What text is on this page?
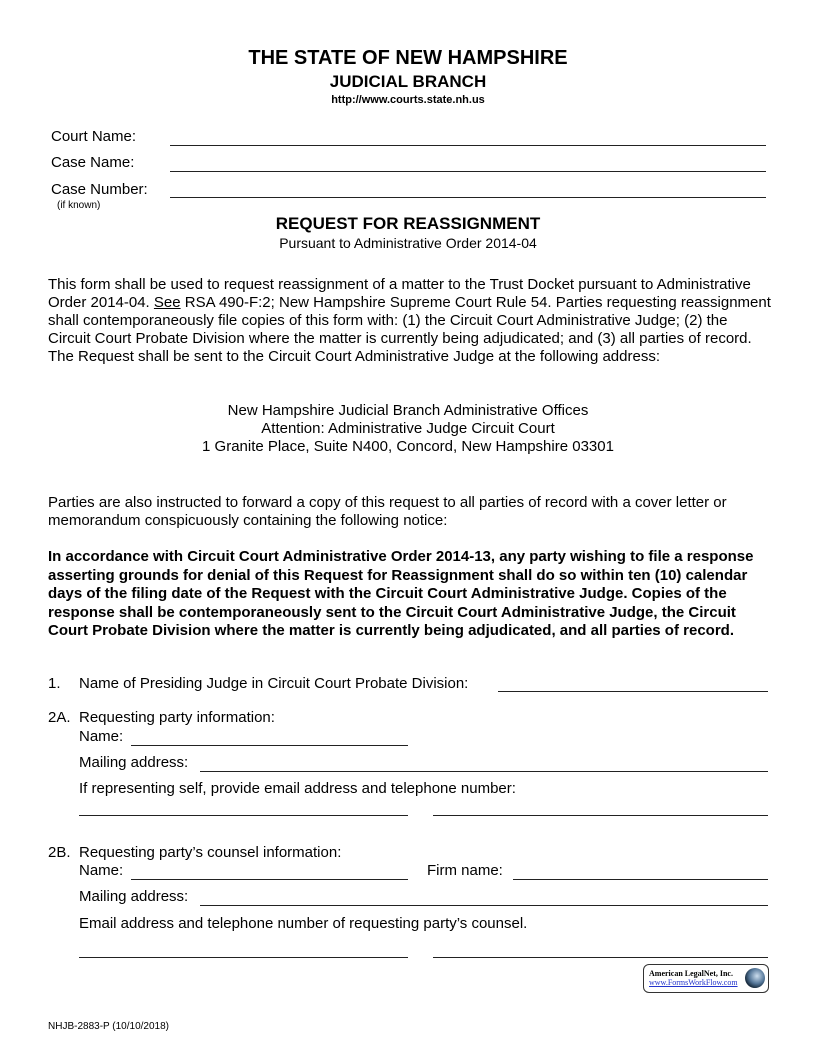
THE STATE OF NEW HAMPSHIRE
JUDICIAL BRANCH
http://www.courts.state.nh.us
Court Name:
Case Name:
Case Number:
(if known)
REQUEST FOR REASSIGNMENT
Pursuant to Administrative Order 2014-04
This form shall be used to request reassignment of a matter to the Trust Docket pursuant to Administrative Order 2014-04. See RSA 490-F:2; New Hampshire Supreme Court Rule 54. Parties requesting reassignment shall contemporaneously file copies of this form with: (1) the Circuit Court Administrative Judge; (2) the Circuit Court Probate Division where the matter is currently being adjudicated; and (3) all parties of record. The Request shall be sent to the Circuit Court Administrative Judge at the following address:
New Hampshire Judicial Branch Administrative Offices
Attention: Administrative Judge Circuit Court
1 Granite Place, Suite N400, Concord, New Hampshire 03301
Parties are also instructed to forward a copy of this request to all parties of record with a cover letter or memorandum conspicuously containing the following notice:
In accordance with Circuit Court Administrative Order 2014-13, any party wishing to file a response asserting grounds for denial of this Request for Reassignment shall do so within ten (10) calendar days of the filing date of the Request with the Circuit Court Administrative Judge. Copies of the response shall be contemporaneously sent to the Circuit Court Administrative Judge, the Circuit Court Probate Division where the matter is currently being adjudicated, and all parties of record.
1. Name of Presiding Judge in Circuit Court Probate Division:
2A. Requesting party information:
Name:
Mailing address:
If representing self, provide email address and telephone number:
2B. Requesting party’s counsel information:
Name:	Firm name:
Mailing address:
Email address and telephone number of requesting party’s counsel.
American LegalNet, Inc.
www.FormsWorkFlow.com
NHJB-2883-P (10/10/2018)
